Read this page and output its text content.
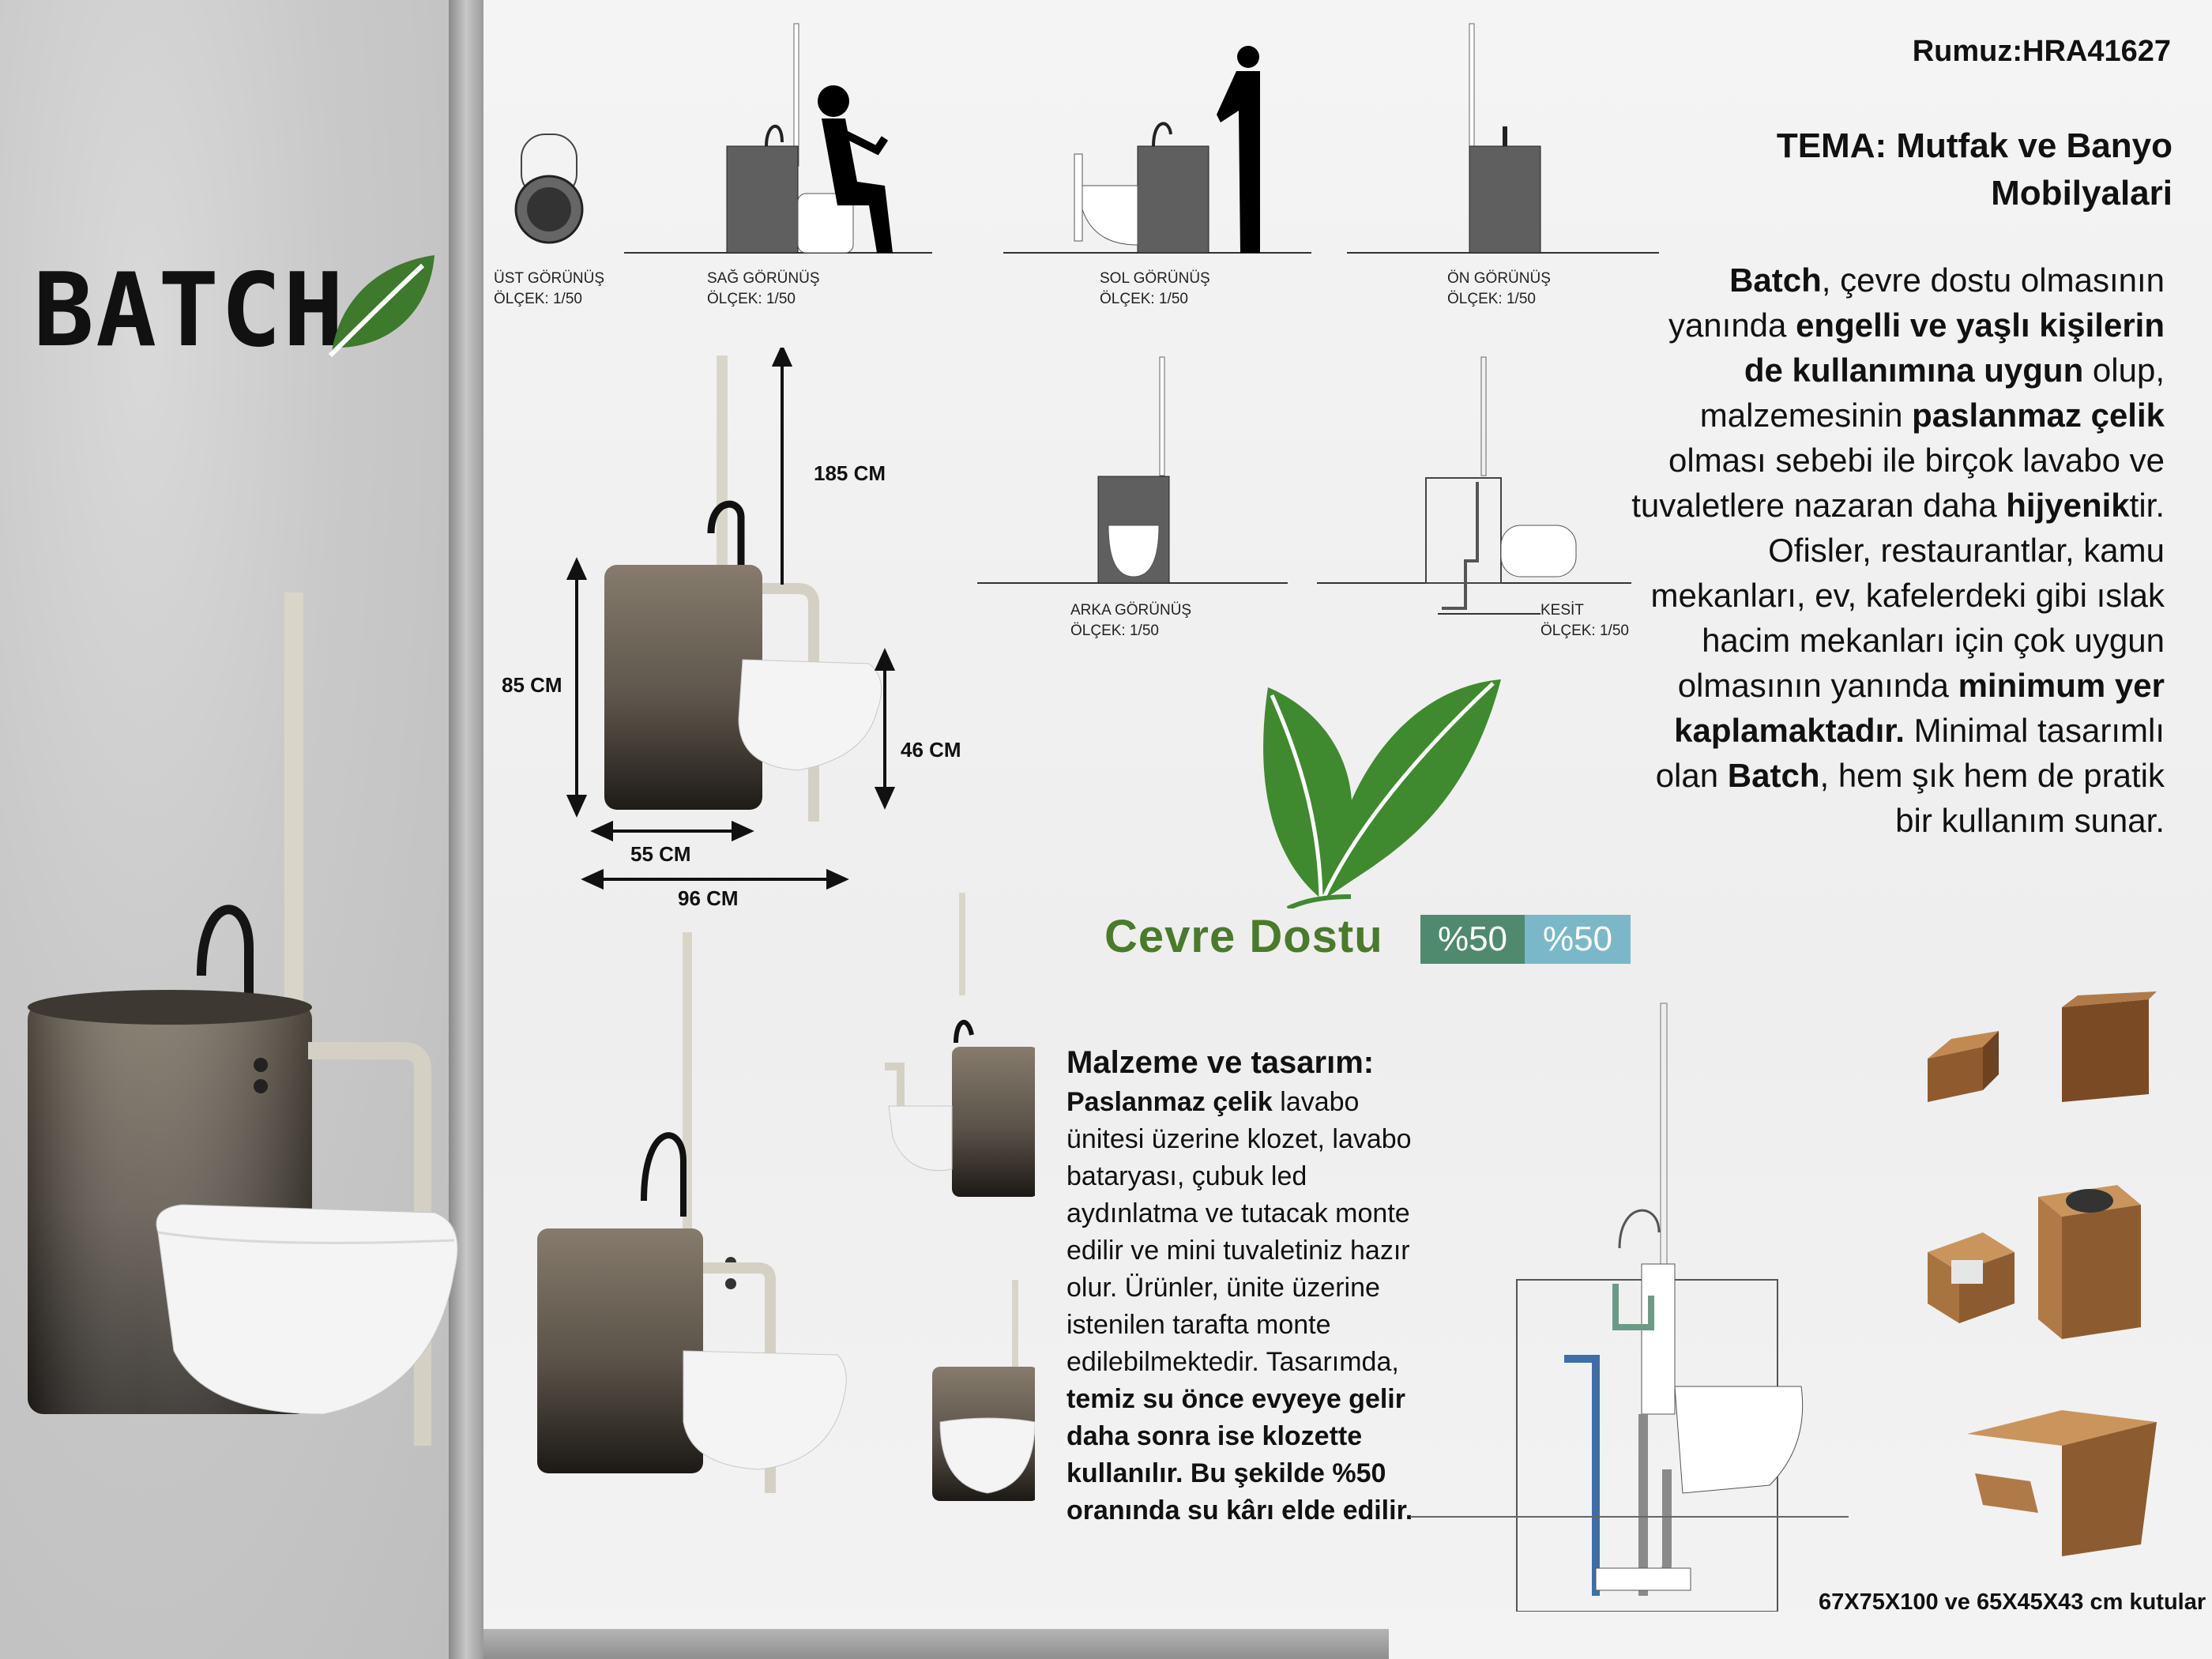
BATCH	ÜST GÖRÜNÜŞ
ÖLÇEK: 1/50
SAĞ GÖRÜNÜŞ
ÖLÇEK: 1/50
SOL GÖRÜNÜŞ
ÖLÇEK: 1/50
ÖN GÖRÜNÜŞ
ÖLÇEK: 1/50
ARKA GÖRÜNÜŞ
ÖLÇEK: 1/50
KESİT
ÖLÇEK: 1/50
185 CM
85 CM
46 CM
55 CM
96 CM
Cevre Dostu	%50	%50
Rumuz:HRA41627
TEMA: Mutfak ve Banyo
Mobilyalari
Batch, çevre dostu olmasının yanında engelli ve yaşlı kişilerin de kullanımına uygun olup, malzemesinin paslanmaz çelik olması sebebi ile birçok lavabo ve tuvaletlere nazaran daha hijyeniktir. Ofisler, restaurantlar, kamu mekanları, ev, kafelerdeki gibi ıslak hacim mekanları için çok uygun olmasının yanında minimum yer kaplamaktadır. Minimal tasarımlı olan Batch, hem şık hem de pratik bir kullanım sunar.
Malzeme ve tasarım:
Paslanmaz çelik lavabo ünitesi üzerine klozet, lavabo bataryası, çubuk led aydınlatma ve tutacak monte edilir ve mini tuvaletiniz hazır olur. Ürünler, ünite üzerine istenilen tarafta monte edilebilmektedir. Tasarımda, temiz su önce evyeye gelir daha sonra ise klozette kullanılır. Bu şekilde %50 oranında su kârı elde edilir.
67X75X100 ve 65X45X43 cm kutular
